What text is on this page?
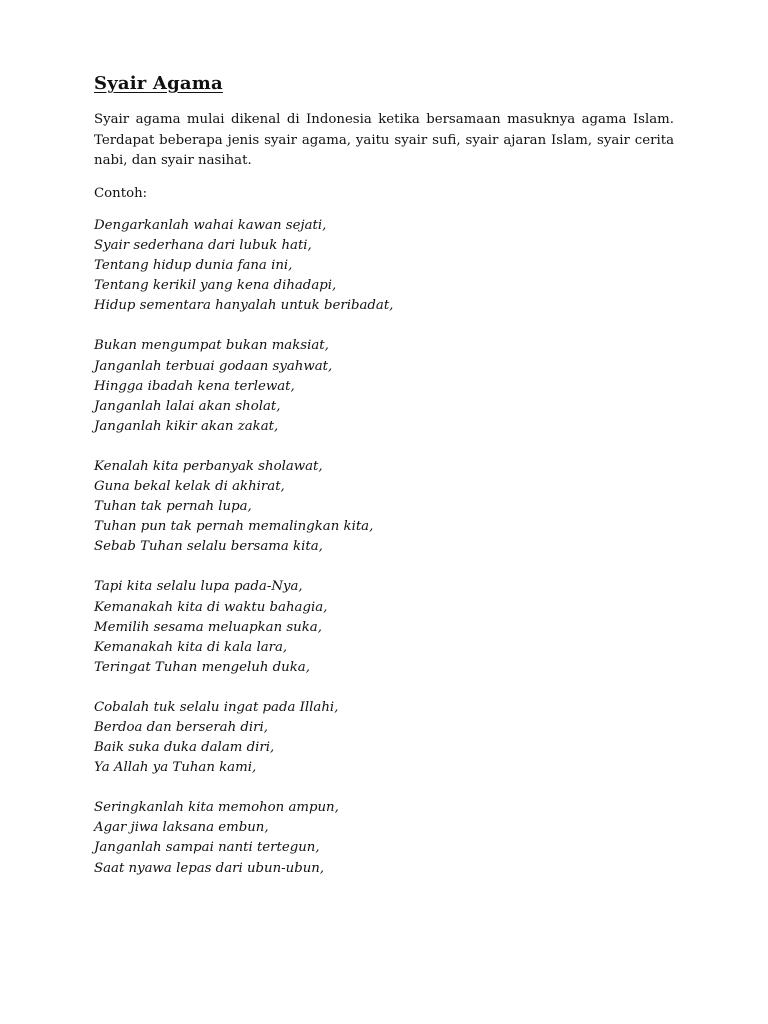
Syair Agama

Syair agama mulai dikenal di Indonesia ketika bersamaan masuknya agama Islam. Terdapat beberapa jenis syair agama, yaitu syair sufi, syair ajaran Islam, syair cerita nabi, dan syair nasihat.

Contoh:

Dengarkanlah wahai kawan sejati,
Syair sederhana dari lubuk hati,
Tentang hidup dunia fana ini,
Tentang kerikil yang kena dihadapi,
Hidup sementara hanyalah untuk beribadat,
Bukan mengumpat bukan maksiat,
Janganlah terbuai godaan syahwat,
Hingga ibadah kena terlewat,
Janganlah lalai akan sholat,
Janganlah kikir akan zakat,
Kenalah kita perbanyak sholawat,
Guna bekal kelak di akhirat,
Tuhan tak pernah lupa,
Tuhan pun tak pernah memalingkan kita,
Sebab Tuhan selalu bersama kita,
Tapi kita selalu lupa pada-Nya,
Kemanakah kita di waktu bahagia,
Memilih sesama meluapkan suka,
Kemanakah kita di kala lara,
Teringat Tuhan mengeluh duka,
Cobalah tuk selalu ingat pada Illahi,
Berdoa dan berserah diri,
Baik suka duka dalam diri,
Ya Allah ya Tuhan kami,
Seringkanlah kita memohon ampun,
Agar jiwa laksana embun,
Janganlah sampai nanti tertegun,
Saat nyawa lepas dari ubun-ubun,
